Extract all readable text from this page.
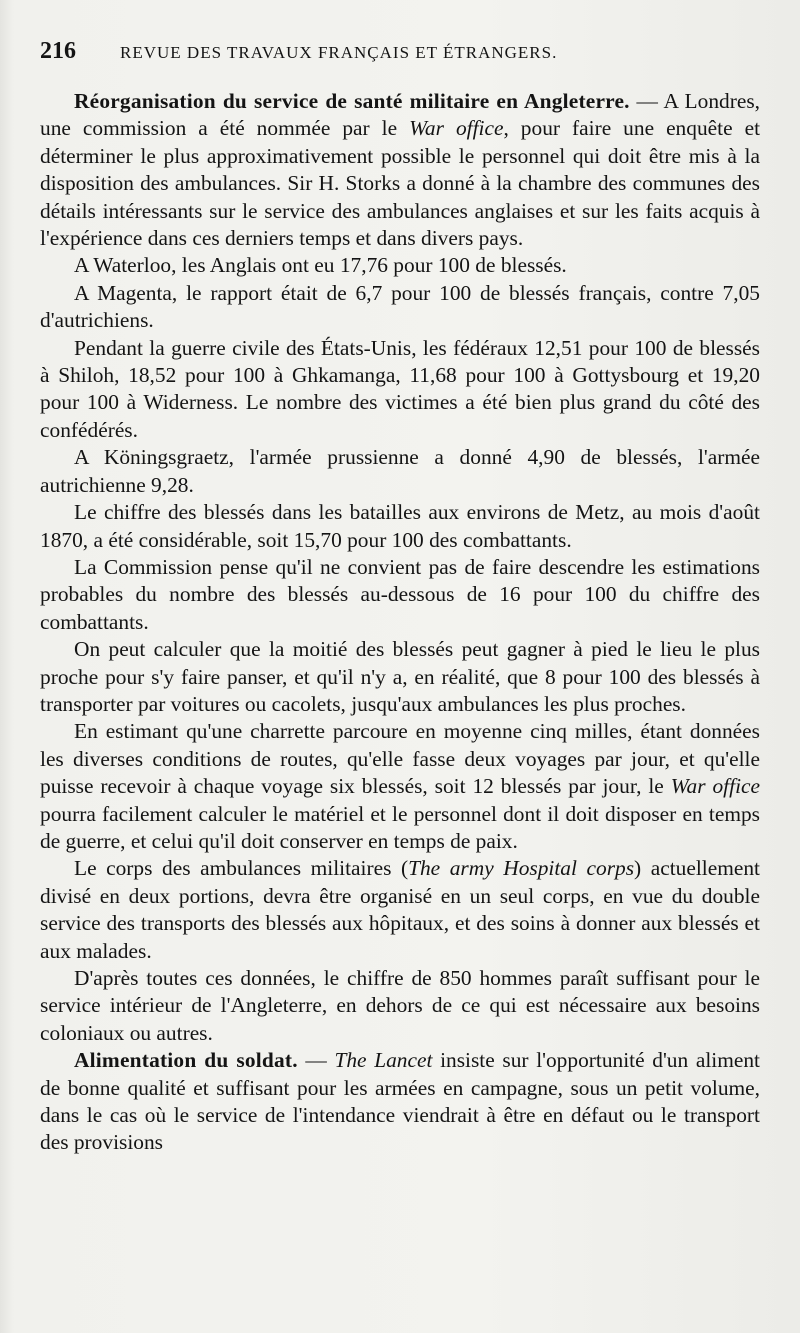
216	REVUE DES TRAVAUX FRANÇAIS ET ÉTRANGERS.

Réorganisation du service de santé militaire en Angleterre. — A Londres, une commission a été nommée par le War office, pour faire une enquête et déterminer le plus approximativement possible le personnel qui doit être mis à la disposition des ambulances. Sir H. Storks a donné à la chambre des communes des détails intéressants sur le service des ambulances anglaises et sur les faits acquis à l'expérience dans ces derniers temps et dans divers pays.

A Waterloo, les Anglais ont eu 17,76 pour 100 de blessés.

A Magenta, le rapport était de 6,7 pour 100 de blessés français, contre 7,05 d'autrichiens.

Pendant la guerre civile des États-Unis, les fédéraux 12,51 pour 100 de blessés à Shiloh, 18,52 pour 100 à Ghkamanga, 11,68 pour 100 à Gottysbourg et 19,20 pour 100 à Widerness. Le nombre des victimes a été bien plus grand du côté des confédérés.

A Köningsgraetz, l'armée prussienne a donné 4,90 de blessés, l'armée autrichienne 9,28.

Le chiffre des blessés dans les batailles aux environs de Metz, au mois d'août 1870, a été considérable, soit 15,70 pour 100 des combattants.

La Commission pense qu'il ne convient pas de faire descendre les estimations probables du nombre des blessés au-dessous de 16 pour 100 du chiffre des combattants.

On peut calculer que la moitié des blessés peut gagner à pied le lieu le plus proche pour s'y faire panser, et qu'il n'y a, en réalité, que 8 pour 100 des blessés à transporter par voitures ou cacolets, jusqu'aux ambulances les plus proches.

En estimant qu'une charrette parcoure en moyenne cinq milles, étant données les diverses conditions de routes, qu'elle fasse deux voyages par jour, et qu'elle puisse recevoir à chaque voyage six blessés, soit 12 blessés par jour, le War office pourra facilement calculer le matériel et le personnel dont il doit disposer en temps de guerre, et celui qu'il doit conserver en temps de paix.

Le corps des ambulances militaires (The army Hospital corps) actuellement divisé en deux portions, devra être organisé en un seul corps, en vue du double service des transports des blessés aux hôpitaux, et des soins à donner aux blessés et aux malades.

D'après toutes ces données, le chiffre de 850 hommes paraît suffisant pour le service intérieur de l'Angleterre, en dehors de ce qui est nécessaire aux besoins coloniaux ou autres.

Alimentation du soldat. — The Lancet insiste sur l'opportunité d'un aliment de bonne qualité et suffisant pour les armées en campagne, sous un petit volume, dans le cas où le service de l'intendance viendrait à être en défaut ou le transport des provisions
